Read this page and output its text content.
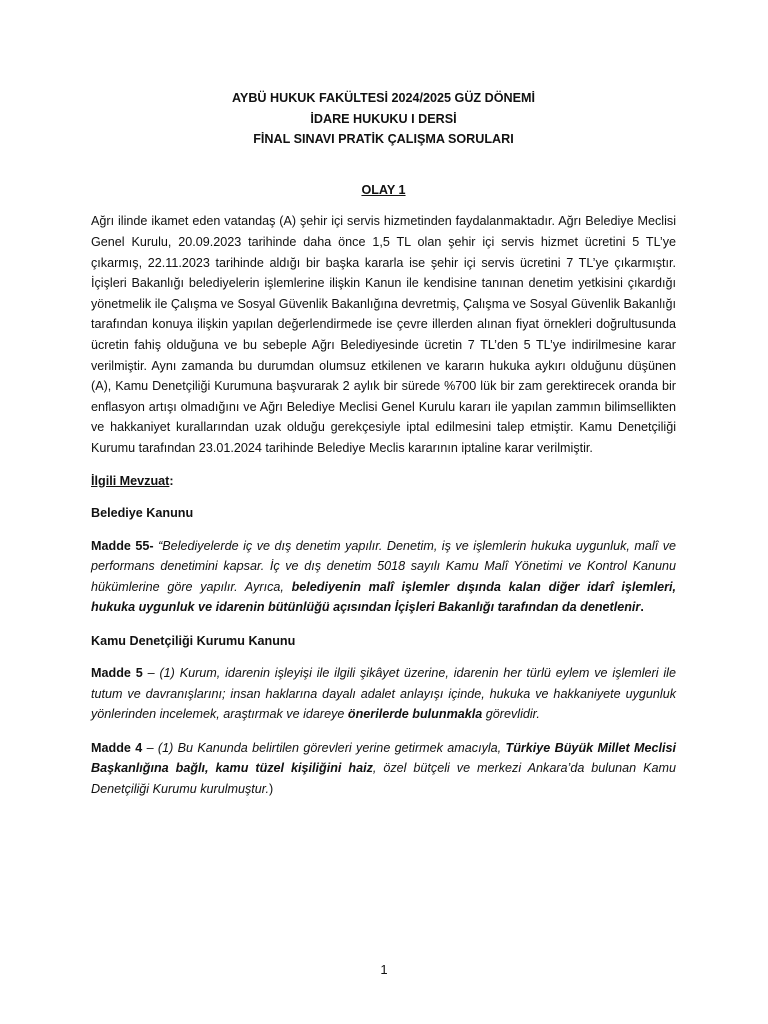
AYBÜ HUKUK FAKÜLTESİ 2024/2025 GÜZ DÖNEMİ
İDARE HUKUKU I DERSİ
FİNAL SINAVI PRATİK ÇALIŞMA SORULARI
OLAY 1

Ağrı ilinde ikamet eden vatandaş (A) şehir içi servis hizmetinden faydalanmaktadır. Ağrı Belediye Meclisi Genel Kurulu, 20.09.2023 tarihinde daha önce 1,5 TL olan şehir içi servis hizmet ücretini 5 TL’ye çıkarmış, 22.11.2023 tarihinde aldığı bir başka kararla ise şehir içi servis ücretini 7 TL’ye çıkarmıştır. İçişleri Bakanlığı belediyelerin işlemlerine ilişkin Kanun ile kendisine tanınan denetim yetkisini çıkardığı yönetmelik ile Çalışma ve Sosyal Güvenlik Bakanlığına devretmiş, Çalışma ve Sosyal Güvenlik Bakanlığı tarafından konuya ilişkin yapılan değerlendirmede ise çevre illerden alınan fiyat örnekleri doğrultusunda ücretin fahiş olduğuna ve bu sebeple Ağrı Belediyesinde ücretin 7 TL’den 5 TL’ye indirilmesine karar verilmiştir. Aynı zamanda bu durumdan olumsuz etkilenen ve kararın hukuka aykırı olduğunu düşünen (A), Kamu Denetçiliği Kurumuna başvurarak 2 aylık bir sürede %700 lük bir zam gerektirecek oranda bir enflasyon artışı olmadığını ve Ağrı Belediye Meclisi Genel Kurulu kararı ile yapılan zammın bilimsellikten ve hakkaniyet kurallarından uzak olduğu gerekçesiyle iptal edilmesini talep etmiştir. Kamu Denetçiliği Kurumu tarafından 23.01.2024 tarihinde Belediye Meclis kararının iptaline karar verilmiştir.

İlgili Mevzuat:
Belediye Kanunu

Madde 55- “Belediyelerde iç ve dış denetim yapılır. Denetim, iş ve işlemlerin hukuka uygunluk, malî ve performans denetimini kapsar. İç ve dış denetim 5018 sayılı Kamu Malî Yönetimi ve Kontrol Kanunu hükümlerine göre yapılır. Ayrıca, belediyenin malî işlemler dışında kalan diğer idarî işlemleri, hukuka uygunluk ve idarenin bütünlüğü açısından İçişleri Bakanlığı tarafından da denetlenir.

Kamu Denetçiliği Kurumu Kanunu

Madde 5 – (1) Kurum, idarenin işleyişi ile ilgili şikâyet üzerine, idarenin her türlü eylem ve işlemleri ile tutum ve davranışlarını; insan haklarına dayalı adalet anlayışı içinde, hukuka ve hakkaniyete uygunluk yönlerinden incelemek, araştırmak ve idareye önerilerde bulunmakla görevlidir.

Madde 4 – (1) Bu Kanunda belirtilen görevleri yerine getirmek amacıyla, Türkiye Büyük Millet Meclisi Başkanlığına bağlı, kamu tüzel kişiliğini haiz, özel bütçeli ve merkezi Ankara’da bulunan Kamu Denetçiliği Kurumu kurulmuştur.)

1
